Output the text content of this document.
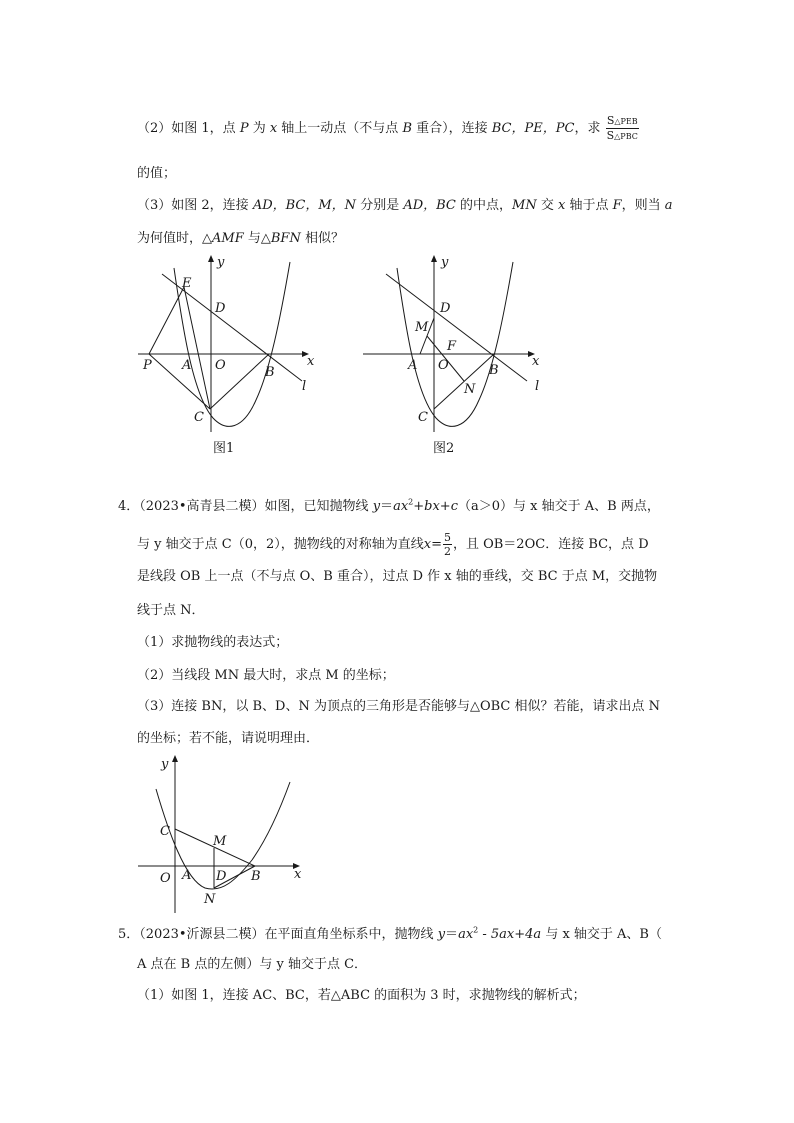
（2）如图 1，点 P 为 x 轴上一动点（不与点 B 重合），连接 BC，PE，PC，求 $\frac{\text{S△PEB}}{\text{S△PBC}}$
的值；
（3）如图 2，连接 AD，BC，M，N 分别是 AD，BC 的中点，MN 交 x 轴于点 F，则当 a
为何值时，△AMF 与△BFN 相似？
y
E
D
x
P A O	B
l
C
图1
y
D
M
F
x
A O	B
N	l
C
图2
4．（2023•高青县二模）如图，已知抛物线 $y=ax^2+bx+c(a>0)$与 x 轴交于 A、B 两点，
与 y 轴交于点 C（0，2），抛物线的对称轴为直线$x= \frac{5}{2}$ ，且 OB＝2OC．连接 BC，点 D
是线段 OB 上一点（不与点 O、B 重合），过点 D 作 x 轴的垂线，交 BC 于点 M，交抛物
线于点 N．
（1）求抛物线的表达式；
（2）当线段 MN 最大时，求点 M 的坐标；
（3）连接 BN，以 B、D、N 为顶点的三角形是否能够与△OBC 相似？若能，请求出点 N
的坐标；若不能，请说明理由．
y
C
M
O A D B	x
N
5．（2023•沂源县二模）在平面直角坐标系中，抛物线 $y=ax^2 - 5ax+4a$ 与 x 轴交于 A、B（
A 点在 B 点的左侧）与 y 轴交于点 C．
（1）如图 1，连接 AC、BC，若△ABC 的面积为 3 时，求抛物线的解析式；
